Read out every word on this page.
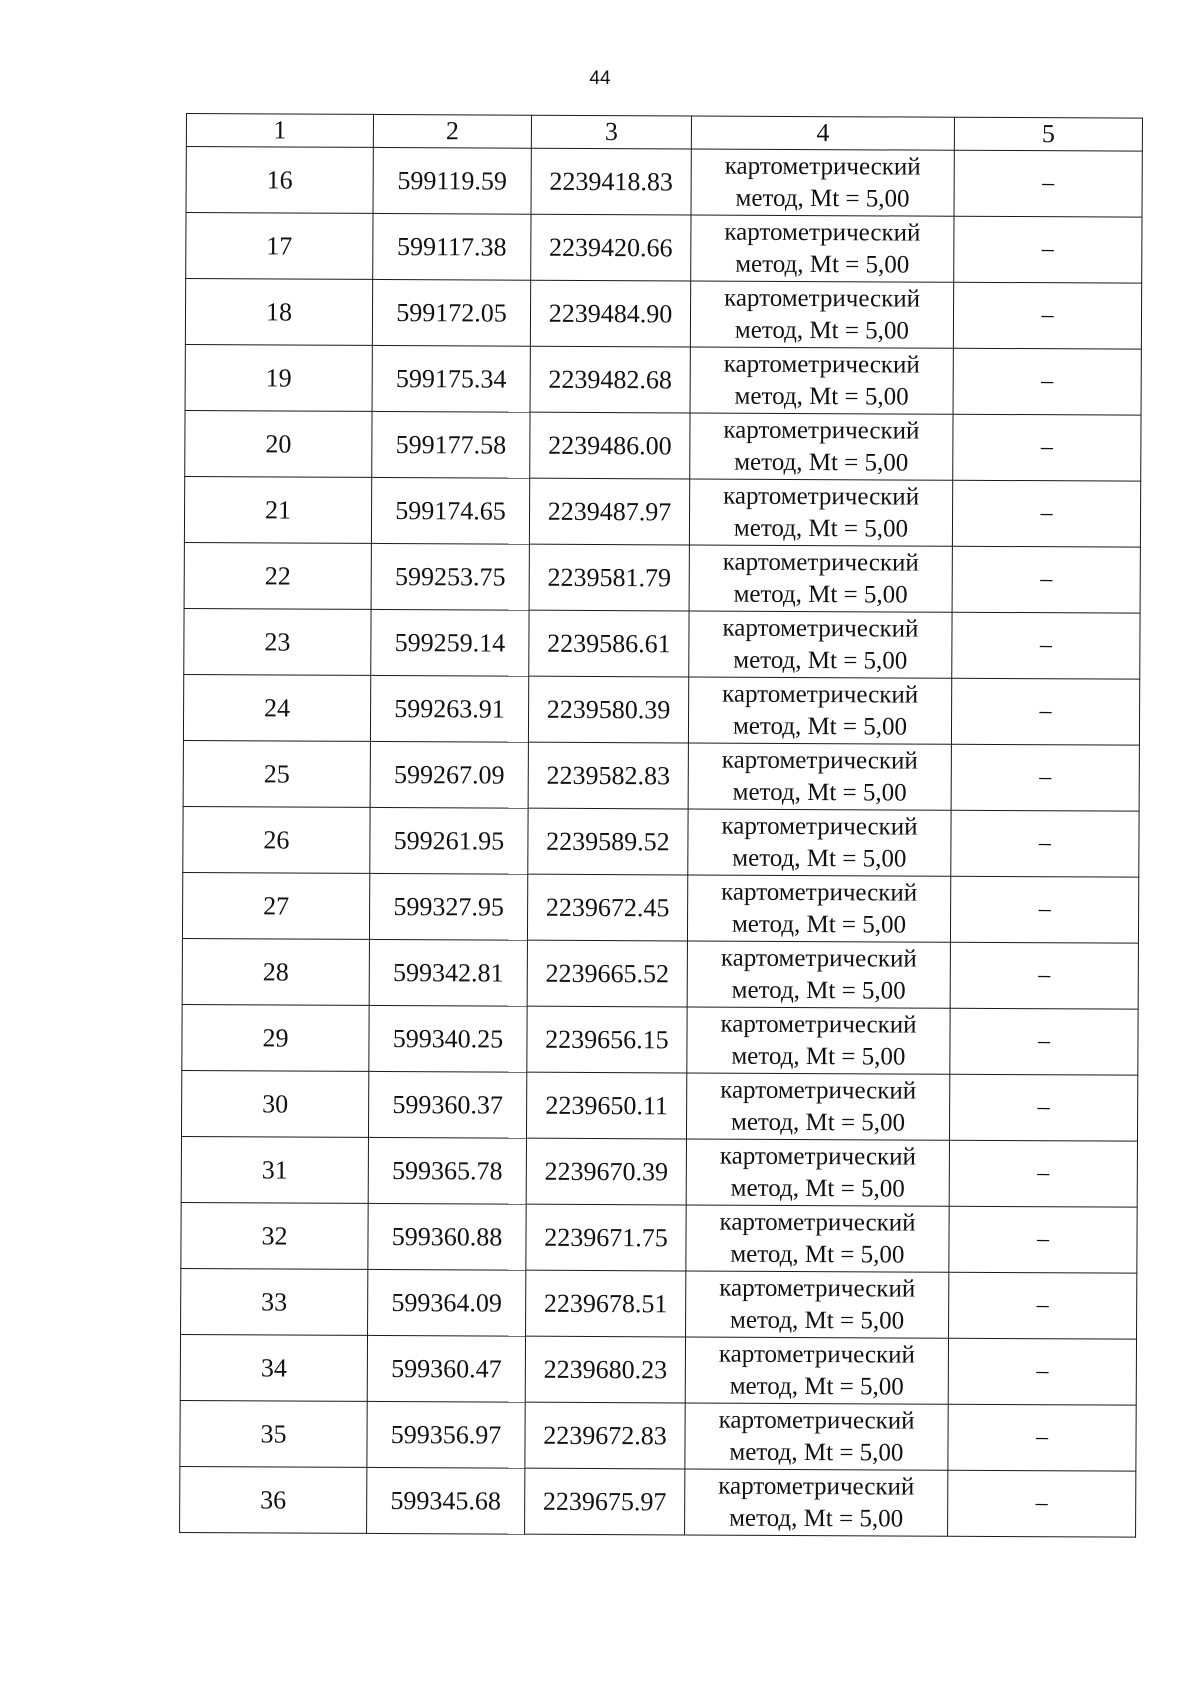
44
1	2	3	4	5
16	599119.59	2239418.83	картометрический
метод, Mt = 5,00	–
17	599117.38	2239420.66	картометрический
метод, Mt = 5,00	–
18	599172.05	2239484.90	картометрический
метод, Mt = 5,00	–
19	599175.34	2239482.68	картометрический
метод, Mt = 5,00	–
20	599177.58	2239486.00	картометрический
метод, Mt = 5,00	–
21	599174.65	2239487.97	картометрический
метод, Mt = 5,00	–
22	599253.75	2239581.79	картометрический
метод, Mt = 5,00	–
23	599259.14	2239586.61	картометрический
метод, Mt = 5,00	–
24	599263.91	2239580.39	картометрический
метод, Mt = 5,00	–
25	599267.09	2239582.83	картометрический
метод, Mt = 5,00	–
26	599261.95	2239589.52	картометрический
метод, Mt = 5,00	–
27	599327.95	2239672.45	картометрический
метод, Mt = 5,00	–
28	599342.81	2239665.52	картометрический
метод, Mt = 5,00	–
29	599340.25	2239656.15	картометрический
метод, Mt = 5,00	–
30	599360.37	2239650.11	картометрический
метод, Mt = 5,00	–
31	599365.78	2239670.39	картометрический
метод, Mt = 5,00	–
32	599360.88	2239671.75	картометрический
метод, Mt = 5,00	–
33	599364.09	2239678.51	картометрический
метод, Mt = 5,00	–
34	599360.47	2239680.23	картометрический
метод, Mt = 5,00	–
35	599356.97	2239672.83	картометрический
метод, Mt = 5,00	–
36	599345.68	2239675.97	картометрический
метод, Mt = 5,00	–
